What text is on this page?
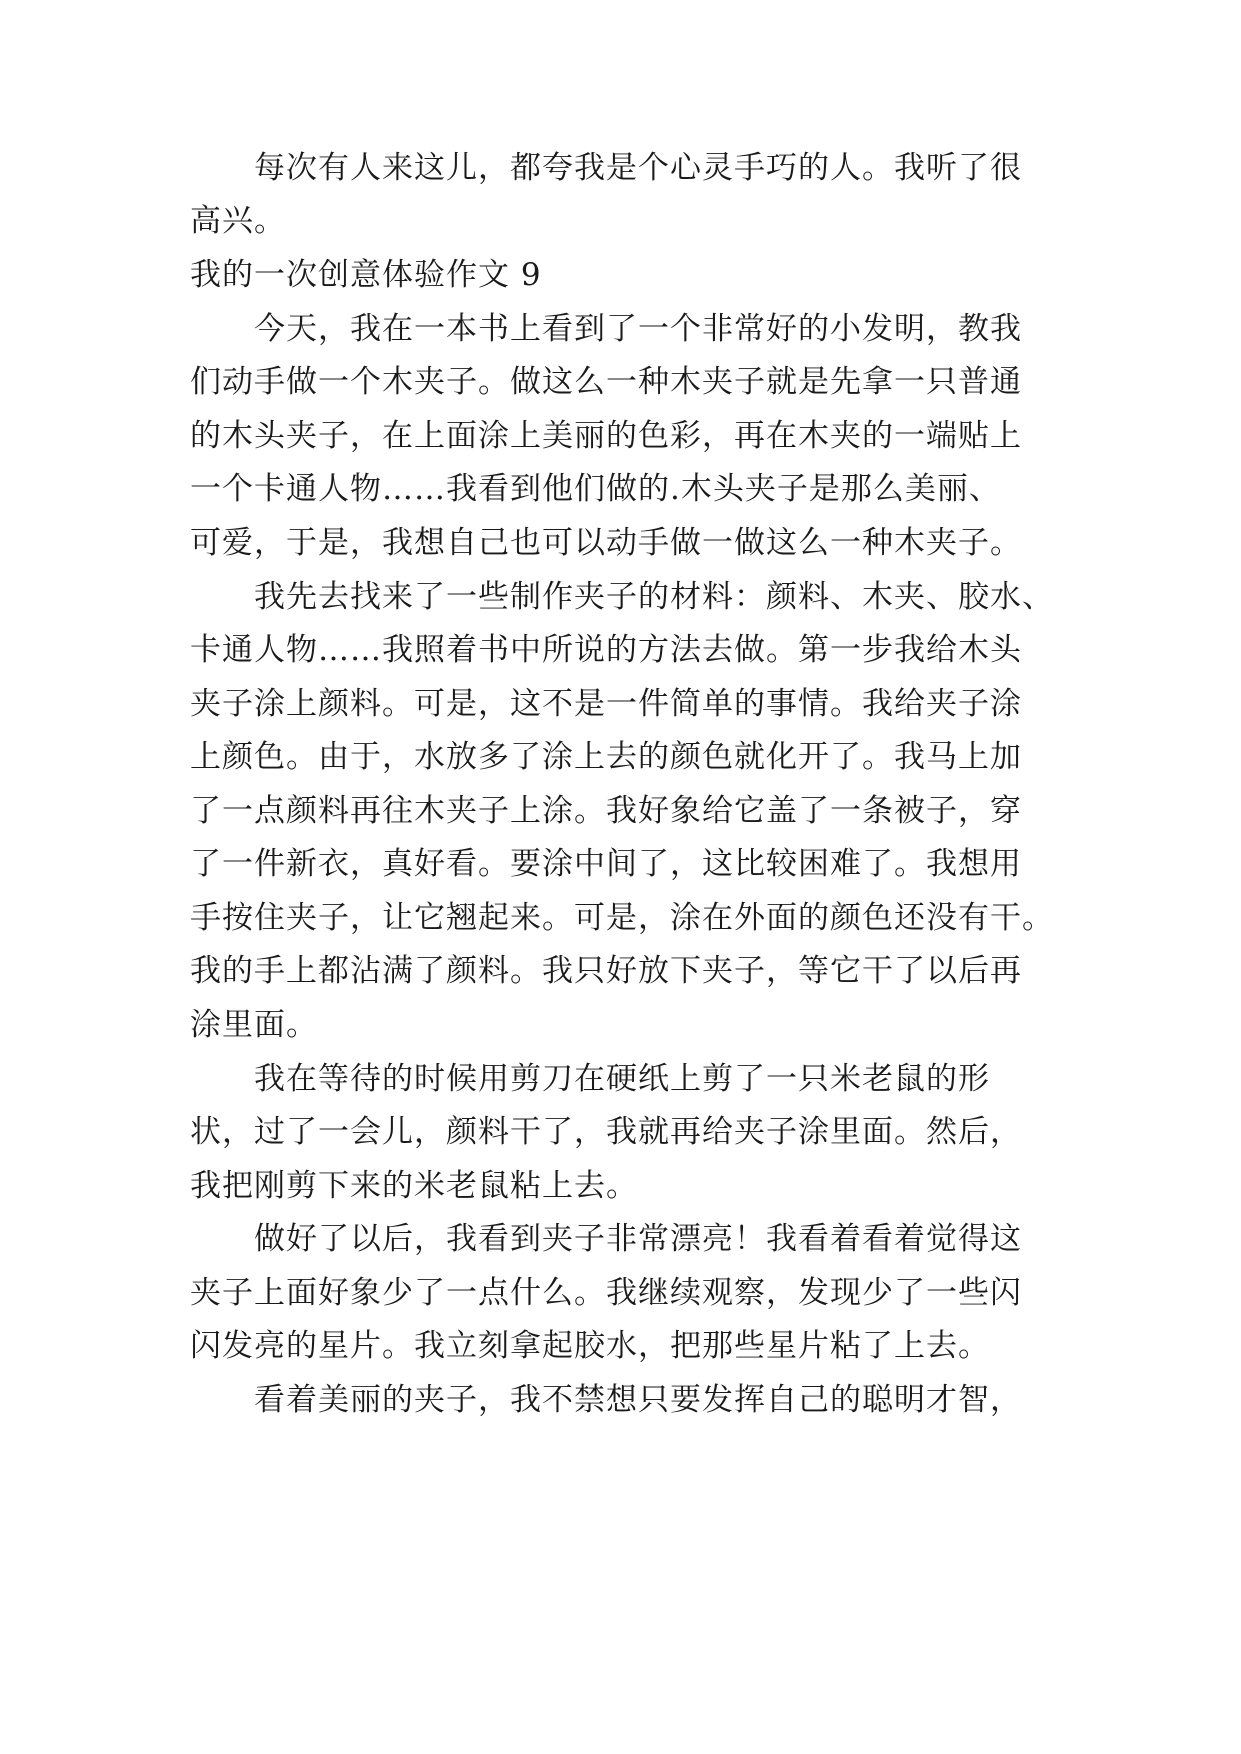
每次有人来这儿，都夸我是个心灵手巧的人。我听了很
高兴。
我的一次创意体验作文 9
今天，我在一本书上看到了一个非常好的小发明，教我
们动手做一个木夹子。做这么一种木夹子就是先拿一只普通
的木头夹子，在上面涂上美丽的色彩，再在木夹的一端贴上
一个卡通人物……我看到他们做的.木头夹子是那么美丽、
可爱，于是，我想自己也可以动手做一做这么一种木夹子。
我先去找来了一些制作夹子的材料：颜料、木夹、胶水、
卡通人物……我照着书中所说的方法去做。第一步我给木头
夹子涂上颜料。可是，这不是一件简单的事情。我给夹子涂
上颜色。由于，水放多了涂上去的颜色就化开了。我马上加
了一点颜料再往木夹子上涂。我好象给它盖了一条被子，穿
了一件新衣，真好看。要涂中间了，这比较困难了。我想用
手按住夹子，让它翘起来。可是，涂在外面的颜色还没有干。
我的手上都沾满了颜料。我只好放下夹子，等它干了以后再
涂里面。
我在等待的时候用剪刀在硬纸上剪了一只米老鼠的形
状，过了一会儿，颜料干了，我就再给夹子涂里面。然后，
我把刚剪下来的米老鼠粘上去。
做好了以后，我看到夹子非常漂亮！我看着看着觉得这
夹子上面好象少了一点什么。我继续观察，发现少了一些闪
闪发亮的星片。我立刻拿起胶水，把那些星片粘了上去。
看着美丽的夹子，我不禁想只要发挥自己的聪明才智，
